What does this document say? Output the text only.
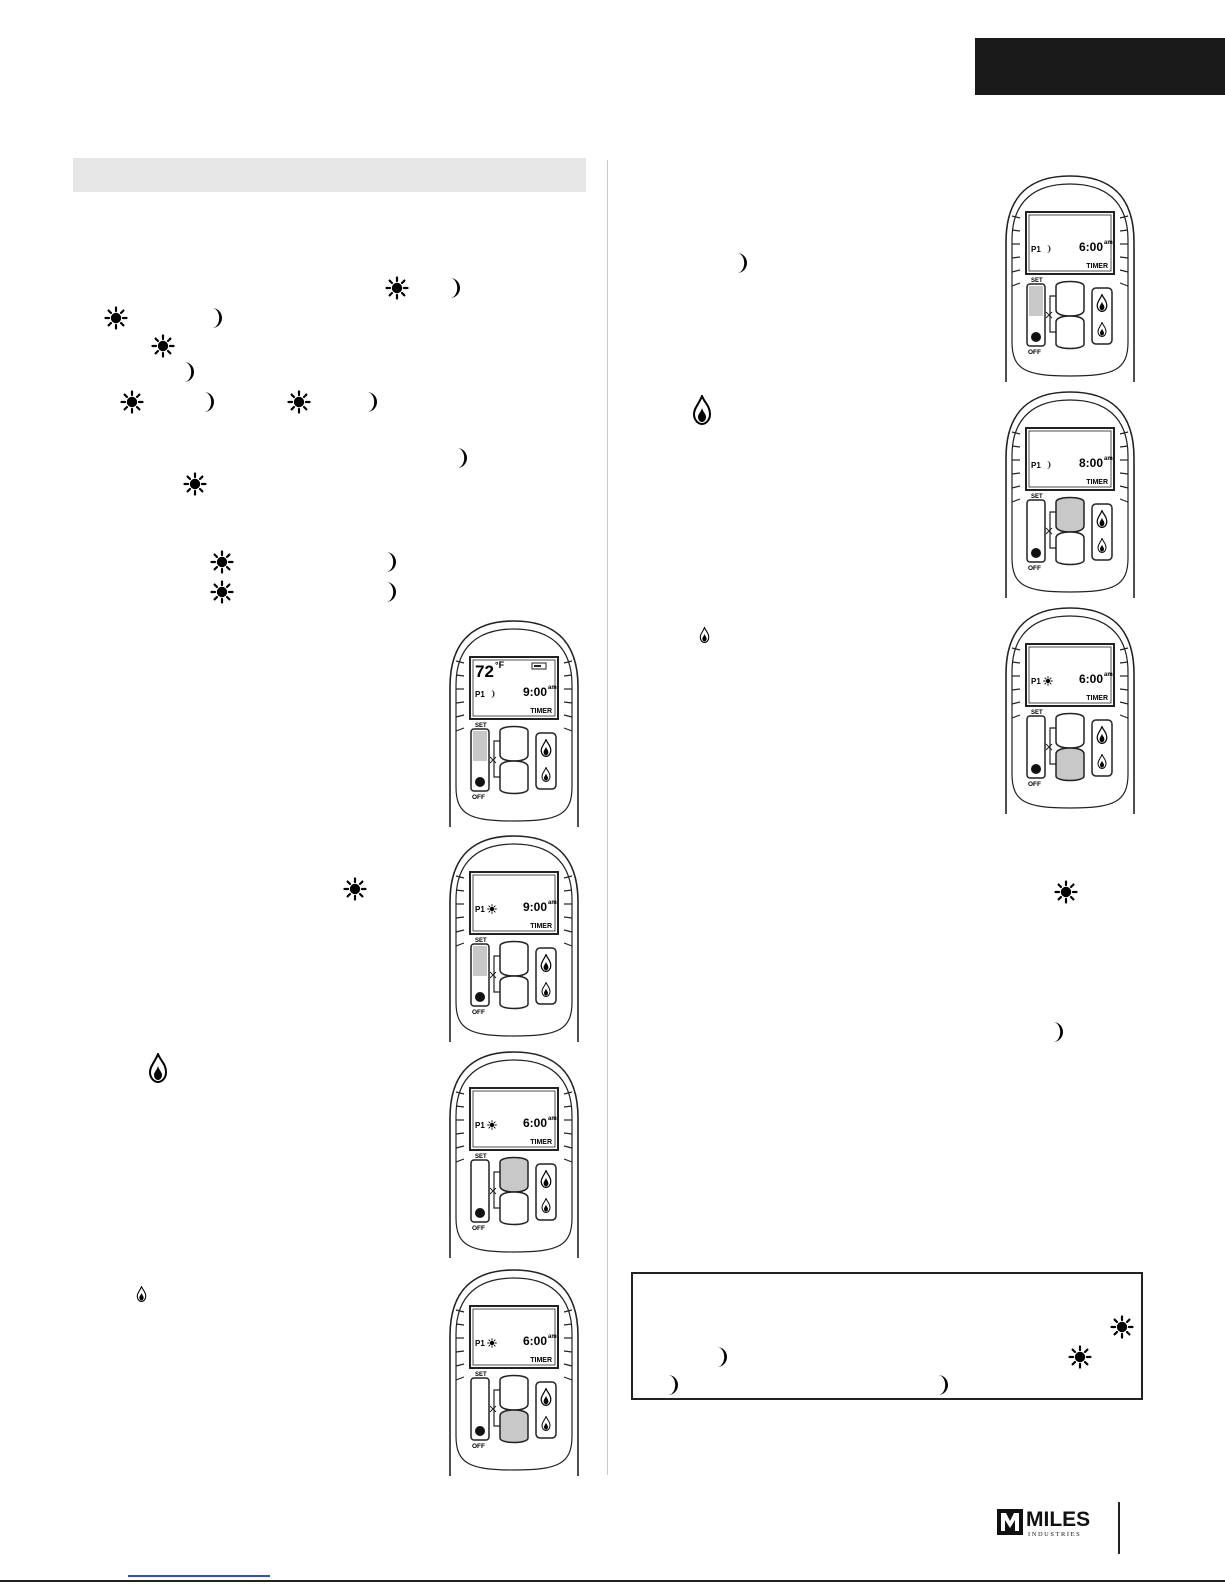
72 °F
P1	9:00 am
TIMER
SET
OFF
P1	9:00 am
TIMER
SET
OFF
P1	6:00 am
TIMER
SET
OFF
P1	6:00 am
TIMER
SET
OFF
P1	6:00 am
TIMER
SET
OFF
P1	8:00 am
TIMER
SET
OFF
P1	6:00 am
TIMER
SET
OFF
MILES
INDUSTRIES
